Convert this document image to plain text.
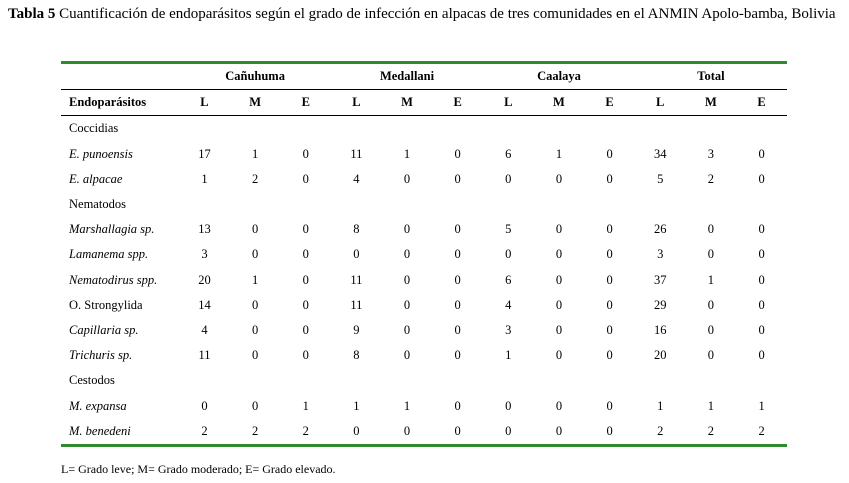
Tabla 5 Cuantificación de endoparásitos según el grado de infección en alpacas de tres comunidades en el ANMIN Apolo-bamba, Bolivia
	Cañuhuma			Medallani			Caalaya			Total		
Endoparásitos	L	M	E	L	M	E	L	M	E	L	M	E
Coccidias												
E. punoensis	17	1	0	11	1	0	6	1	0	34	3	0
E. alpacae	1	2	0	4	0	0	0	0	0	5	2	0
Nematodos												
Marshallagia sp.	13	0	0	8	0	0	5	0	0	26	0	0
Lamanema spp.	3	0	0	0	0	0	0	0	0	3	0	0
Nematodirus spp.	20	1	0	11	0	0	6	0	0	37	1	0
O. Strongylida	14	0	0	11	0	0	4	0	0	29	0	0
Capillaria sp.	4	0	0	9	0	0	3	0	0	16	0	0
Trichuris sp.	11	0	0	8	0	0	1	0	0	20	0	0
Cestodos												
M. expansa	0	0	1	1	1	0	0	0	0	1	1	1
M. benedeni	2	2	2	0	0	0	0	0	0	2	2	2
L= Grado leve; M= Grado moderado; E= Grado elevado.
